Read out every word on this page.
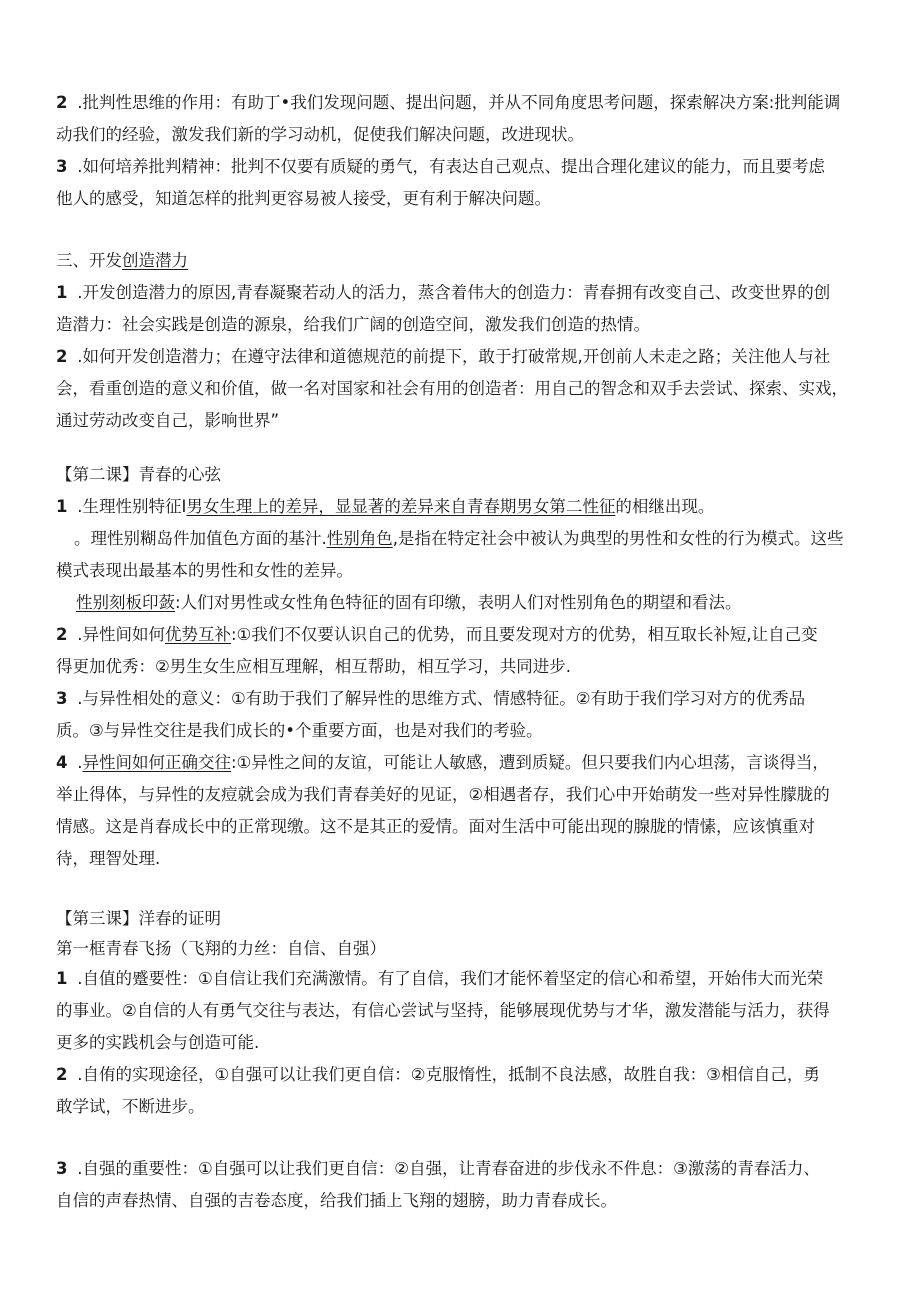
2 .批判性思维的作用：有助丁•我们发现问题、提出问题，并从不同角度思考问题，探索解决方案:批判能调
动我们的经验，激发我们新的学习动机，促使我们解决问题，改进现状。
3 .如何培养批判精神：批判不仅要有质疑的勇气，有表达自己观点、提出合理化建议的能力，而且要考虑
他人的感受，知道怎样的批判更容易被人接受，更有利于解决问题。
三、开发创造潜力
1 .开发创造潜力的原因,青春凝聚若动人的活力，蒸含着伟大的创造力：青春拥有改变自己、改变世界的创
造潜力：社会实践是创造的源泉，给我们广阔的创造空间，激发我们创造的热情。
2 .如何开发创造潜力；在遵守法律和道德规范的前提下，敢于打破常规,开创前人未走之路；关注他人与社
会，看重创造的意义和价值，做一名对国家和社会有用的创造者：用自己的智念和双手去尝试、探索、实戏，
通过劳动改变自己，影响世界”
【第二课】青春的心弦
1 .生理性别特征I男女生理上的差异，显显著的差异来自青春期男女第二性征的相继出现。
。理性别糊岛件加值色方面的基汁.性别角色,是指在特定社会中被认为典型的男性和女性的行为模式。这些
模式表现出最基本的男性和女性的差异。
性别刻板印蔹:人们对男性或女性角色特征的固有印缴，表明人们对性别角色的期望和看法。
2 .异性间如何优势互补:①我们不仅要认识自己的优势，而且要发现对方的优势，相互取长补短,让自己变
得更加优秀：②男生女生应相互理解，相互帮助，相互学习，共同进步.
3 .与异性相处的意义：①有助于我们了解异性的思维方式、情感特征。②有助于我们学习对方的优秀品
质。③与异性交往是我们成长的•个重要方面，也是对我们的考验。
4 .异性间如何正确交往:①异性之间的友谊，可能让人敏感，遭到质疑。但只要我们内心坦荡，言谈得当，
举止得体，与异性的友痘就会成为我们青春美好的见证，②相遇者存，我们心中开始萌发一些对异性朦胧的
情感。这是肖春成长中的正常现缴。这不是其正的爱情。面对生活中可能出现的腺胧的情愫，应该慎重对
待，理智处理.
【第三课】洋春的证明
第一框青春飞扬（飞翔的力丝：自信、自强）
1 .自值的蹙要性：①自信让我们充满激情。有了自信，我们才能怀着坚定的信心和希望，开始伟大而光荣
的事业。②自信的人有勇气交往与表达，有信心尝试与坚持，能够展现优势与才华，激发潜能与活力，获得
更多的实践机会与创造可能.
2 .自侑的实现途径，①自强可以让我们更自信：②克服惰性，抵制不良法感，故胜自我：③相信自己，勇
敢学试，不断进步。
3 .自强的重要性：①自强可以让我们更自信：②自强，让青春奋进的步伐永不件息：③激荡的青春活力、
自信的声春热情、自强的吉卷态度，给我们插上飞翔的翅膀，助力青春成长。
